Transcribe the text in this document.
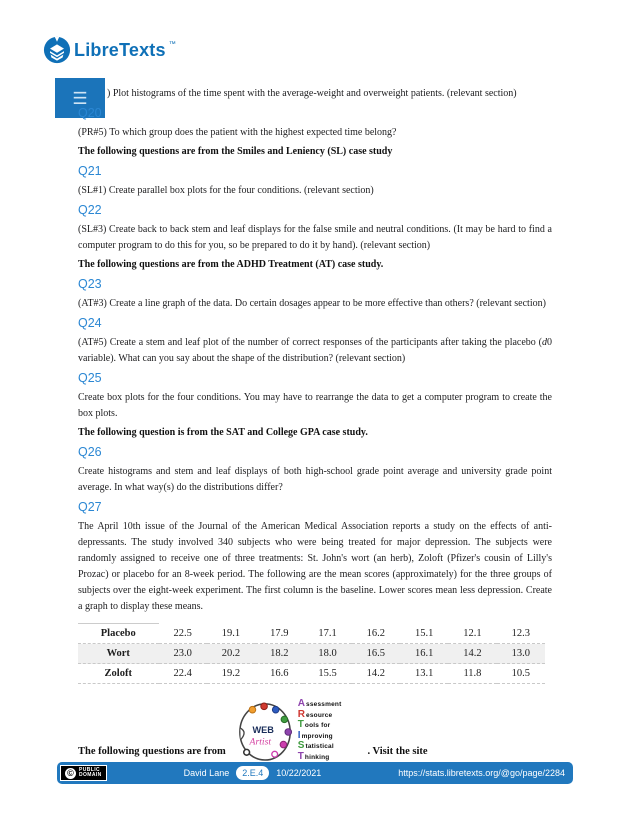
LibreTexts ™
☰	) Plot histograms of the time spent with the average-weight and overweight patients. (relevant section)

Q20

(PR#5) To which group does the patient with the highest expected time belong?

The following questions are from the Smiles and Leniency (SL) case study

Q21

(SL#1) Create parallel box plots for the four conditions. (relevant section)

Q22

(SL#3) Create back to back stem and leaf displays for the false smile and neutral conditions. (It may be hard to find a computer program to do this for you, so be prepared to do it by hand). (relevant section)

The following questions are from the ADHD Treatment (AT) case study.

Q23

(AT#3) Create a line graph of the data. Do certain dosages appear to be more effective than others? (relevant section)

Q24

(AT#5) Create a stem and leaf plot of the number of correct responses of the participants after taking the placebo (d0 variable). What can you say about the shape of the distribution? (relevant section)

Q25

Create box plots for the four conditions. You may have to rearrange the data to get a computer program to create the box plots.

The following question is from the SAT and College GPA case study.

Q26

Create histograms and stem and leaf displays of both high-school grade point average and university grade point average. In what way(s) do the distributions differ?

Q27

The April 10th issue of the Journal of the American Medical Association reports a study on the effects of anti-depressants. The study involved 340 subjects who were being treated for major depression. The subjects were randomly assigned to receive one of three treatments: St. John's wort (an herb), Zoloft (Pfizer's cousin of Lilly's Prozac) or placebo for an 8-week period. The following are the mean scores (approximately) for the three groups of subjects over the eight-week experiment. The first column is the baseline. Lower scores mean less depression. Create a graph to display these means.

Placebo	22.5	19.1	17.9	17.1	16.2	15.1	12.1	12.3
Wort	23.0	20.2	18.2	18.0	16.5	16.1	14.2	13.0
Zoloft	22.4	19.2	16.6	15.5	14.2	13.1	11.8	10.5
The following questions are from
WEB
Artist
A ssessment
R esource
T ools for
I mproving
S tatistical
T hinking	. Visit the site
©	PUBLIC
DOMAIN	David Lane	2.E.4	10/22/2021	https://stats.libretexts.org/@go/page/2284
